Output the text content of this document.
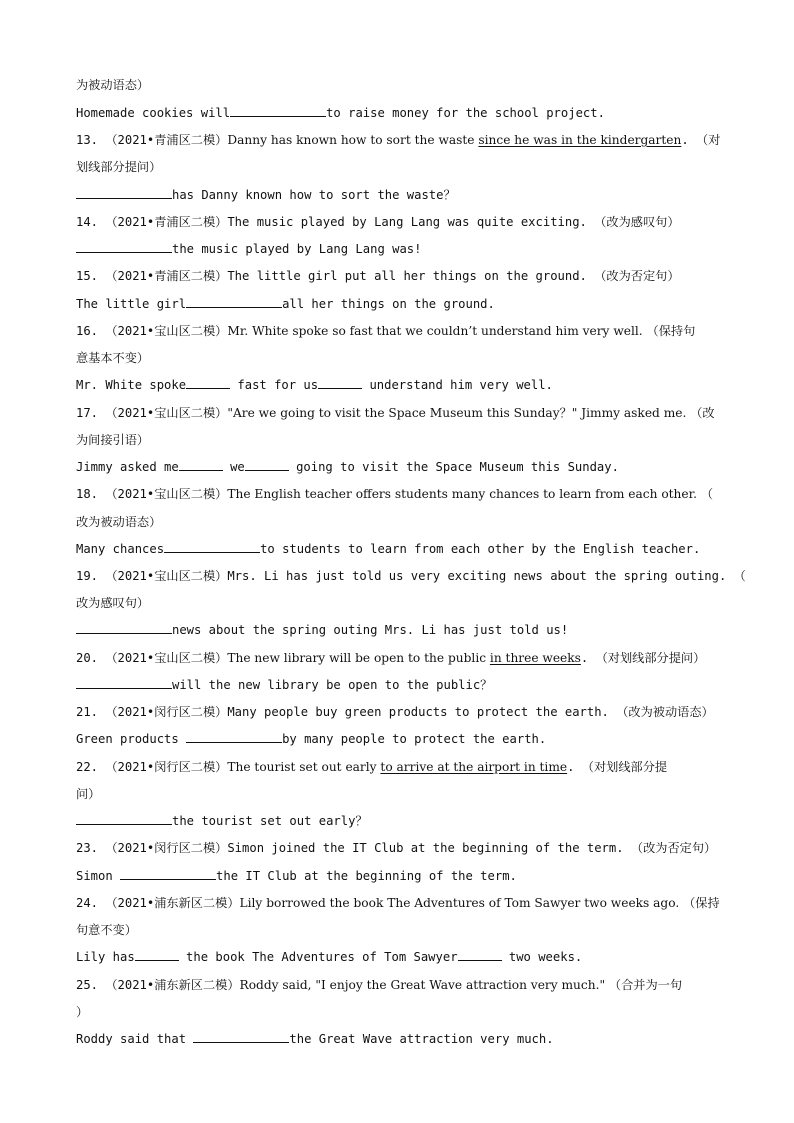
为被动语态）
Homemade cookies will	to raise money for the school project.
13. （2021•青浦区二模）Danny has known how to sort the waste since he was in the kindergarten. （对
划线部分提问）
has Danny known how to sort the waste？
14. （2021•青浦区二模）The music played by Lang Lang was quite exciting. （改为感叹句）
the music played by Lang Lang was!
15. （2021•青浦区二模）The little girl put all her things on the ground. （改为否定句）
The little girl	all her things on the ground.
16. （2021•宝山区二模）Mr. White spoke so fast that we couldn’t understand him very well. （保持句
意基本不变）
Mr. White spoke	fast for us	understand him very well.
17. （2021•宝山区二模）"Are we going to visit the Space Museum this Sunday？" Jimmy asked me. （改
为间接引语）
Jimmy asked me	we	going to visit the Space Museum this Sunday.
18. （2021•宝山区二模）The English teacher offers students many chances to learn from each other. （
改为被动语态）
Many chances	to students to learn from each other by the English teacher.
19. （2021•宝山区二模）Mrs. Li has just told us very exciting news about the spring outing. （
改为感叹句）
news about the spring outing Mrs. Li has just told us!
20. （2021•宝山区二模）The new library will be open to the public in three weeks. （对划线部分提问）
will the new library be open to the public？
21. （2021•闵行区二模）Many people buy green products to protect the earth. （改为被动语态）
Green products	by many people to protect the earth.
22. （2021•闵行区二模）The tourist set out early to arrive at the airport in time. （对划线部分提
问）
the tourist set out early？
23. （2021•闵行区二模）Simon joined the IT Club at the beginning of the term. （改为否定句）
Simon	the IT Club at the beginning of the term.
24. （2021•浦东新区二模）Lily borrowed the book The Adventures of Tom Sawyer two weeks ago. （保持
句意不变）
Lily has	the book The Adventures of Tom Sawyer	two weeks.
25. （2021•浦东新区二模）Roddy said, "I enjoy the Great Wave attraction very much." （合并为一句
）
Roddy said that	the Great Wave attraction very much.
